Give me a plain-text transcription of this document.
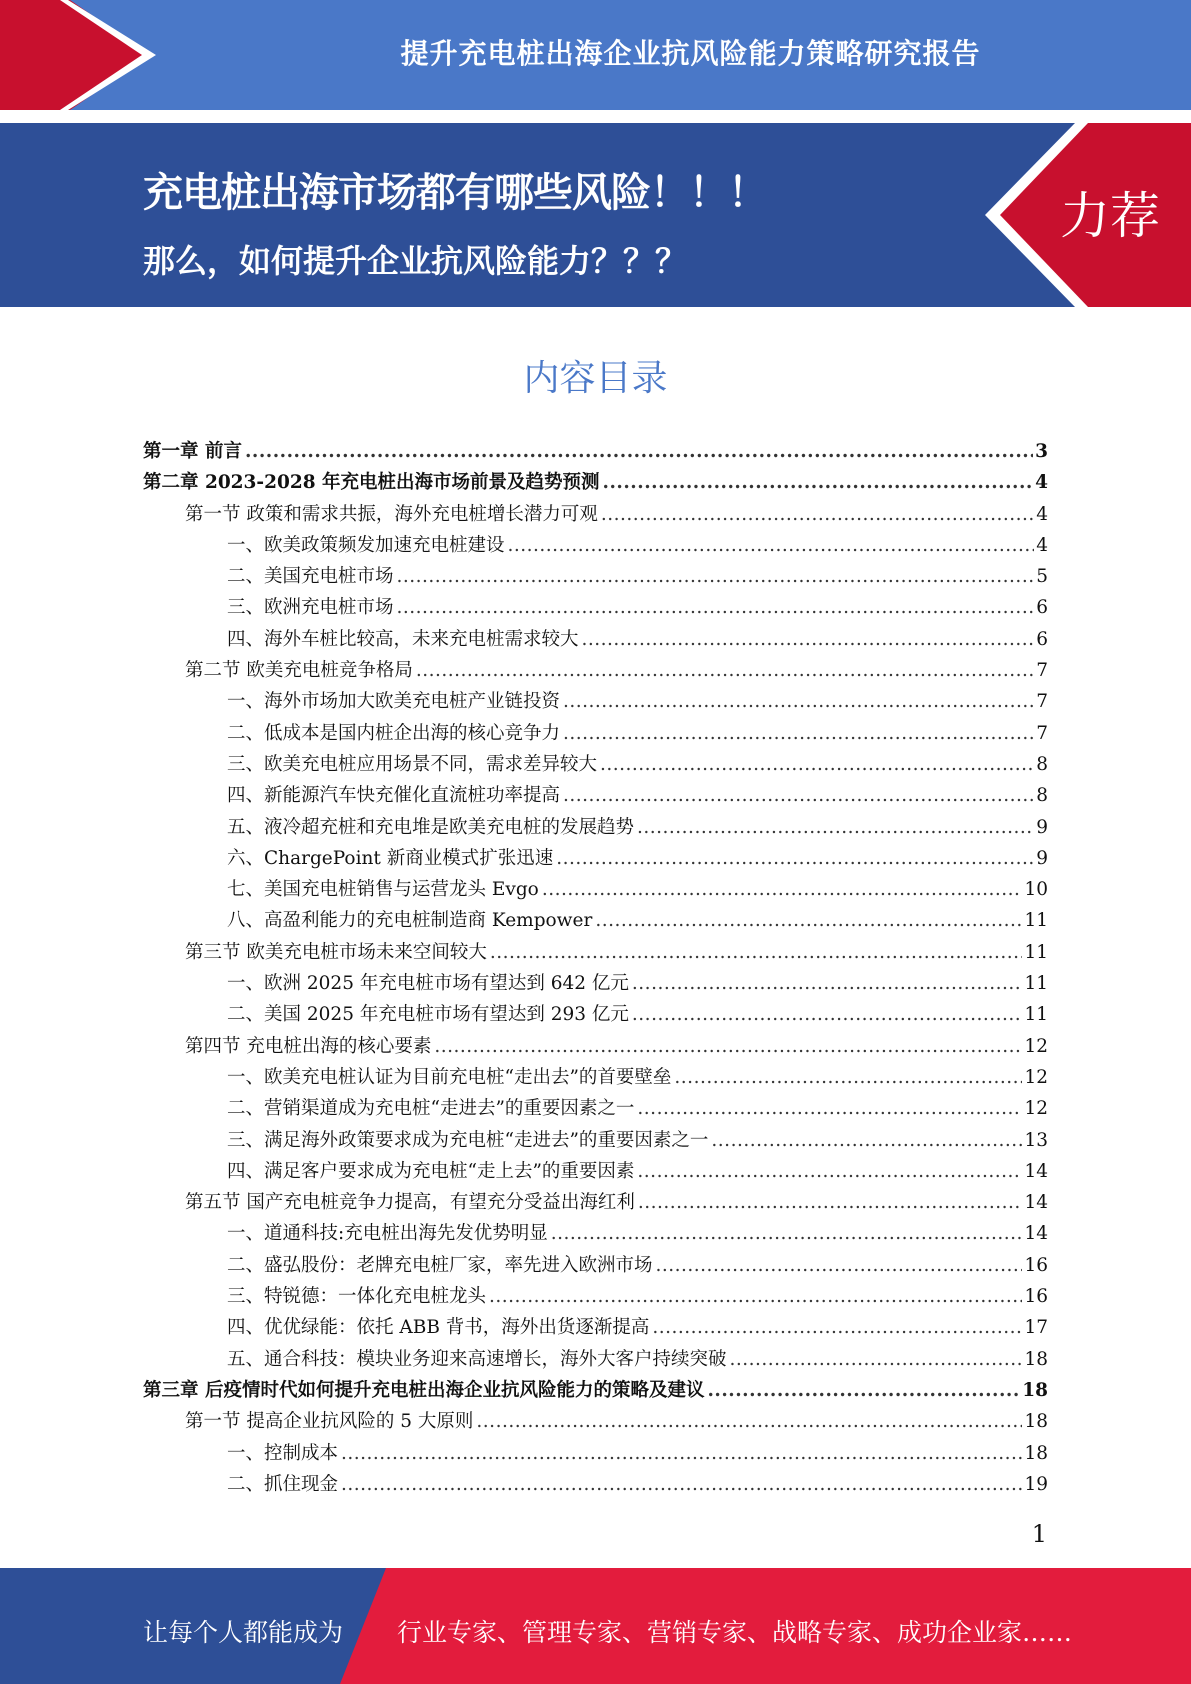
提升充电桩出海企业抗风险能力策略研究报告
充电桩出海市场都有哪些风险！！！
那么，如何提升企业抗风险能力？？？
力荐
内容目录
第一章 前言 .....	3
第二章 2023-2028 年充电桩出海市场前景及趋势预测 .....	4
第一节 政策和需求共振，海外充电桩增长潜力可观 .....	4
一、欧美政策频发加速充电桩建设 .....	4
二、美国充电桩市场 .....	5
三、欧洲充电桩市场 .....	6
四、海外车桩比较高，未来充电桩需求较大 .....	6
第二节 欧美充电桩竞争格局 .....	7
一、海外市场加大欧美充电桩产业链投资 .....	7
二、低成本是国内桩企出海的核心竞争力 .....	7
三、欧美充电桩应用场景不同，需求差异较大 .....	8
四、新能源汽车快充催化直流桩功率提高 .....	8
五、液冷超充桩和充电堆是欧美充电桩的发展趋势 .....	9
六、ChargePoint 新商业模式扩张迅速 .....	9
七、美国充电桩销售与运营龙头 Evgo .....	10
八、高盈利能力的充电桩制造商 Kempower .....	11
第三节 欧美充电桩市场未来空间较大 .....	11
一、欧洲 2025 年充电桩市场有望达到 642 亿元 .....	11
二、美国 2025 年充电桩市场有望达到 293 亿元 .....	11
第四节 充电桩出海的核心要素 .....	12
一、欧美充电桩认证为目前充电桩“走出去”的首要壁垒 .....	12
二、营销渠道成为充电桩“走进去”的重要因素之一 .....	12
三、满足海外政策要求成为充电桩“走进去”的重要因素之一 .....	13
四、满足客户要求成为充电桩“走上去”的重要因素 .....	14
第五节 国产充电桩竞争力提高，有望充分受益出海红利 .....	14
一、道通科技:充电桩出海先发优势明显 .....	14
二、盛弘股份：老牌充电桩厂家，率先进入欧洲市场 .....	16
三、特锐德：一体化充电桩龙头 .....	16
四、优优绿能：依托 ABB 背书，海外出货逐渐提高 .....	17
五、通合科技：模块业务迎来高速增长，海外大客户持续突破 .....	18
第三章 后疫情时代如何提升充电桩出海企业抗风险能力的策略及建议 .....	18
第一节 提高企业抗风险的 5 大原则 .....	18
一、控制成本 .....	18
二、抓住现金 .....	19
1
让每个人都能成为 行业专家、管理专家、营销专家、战略专家、成功企业家……
